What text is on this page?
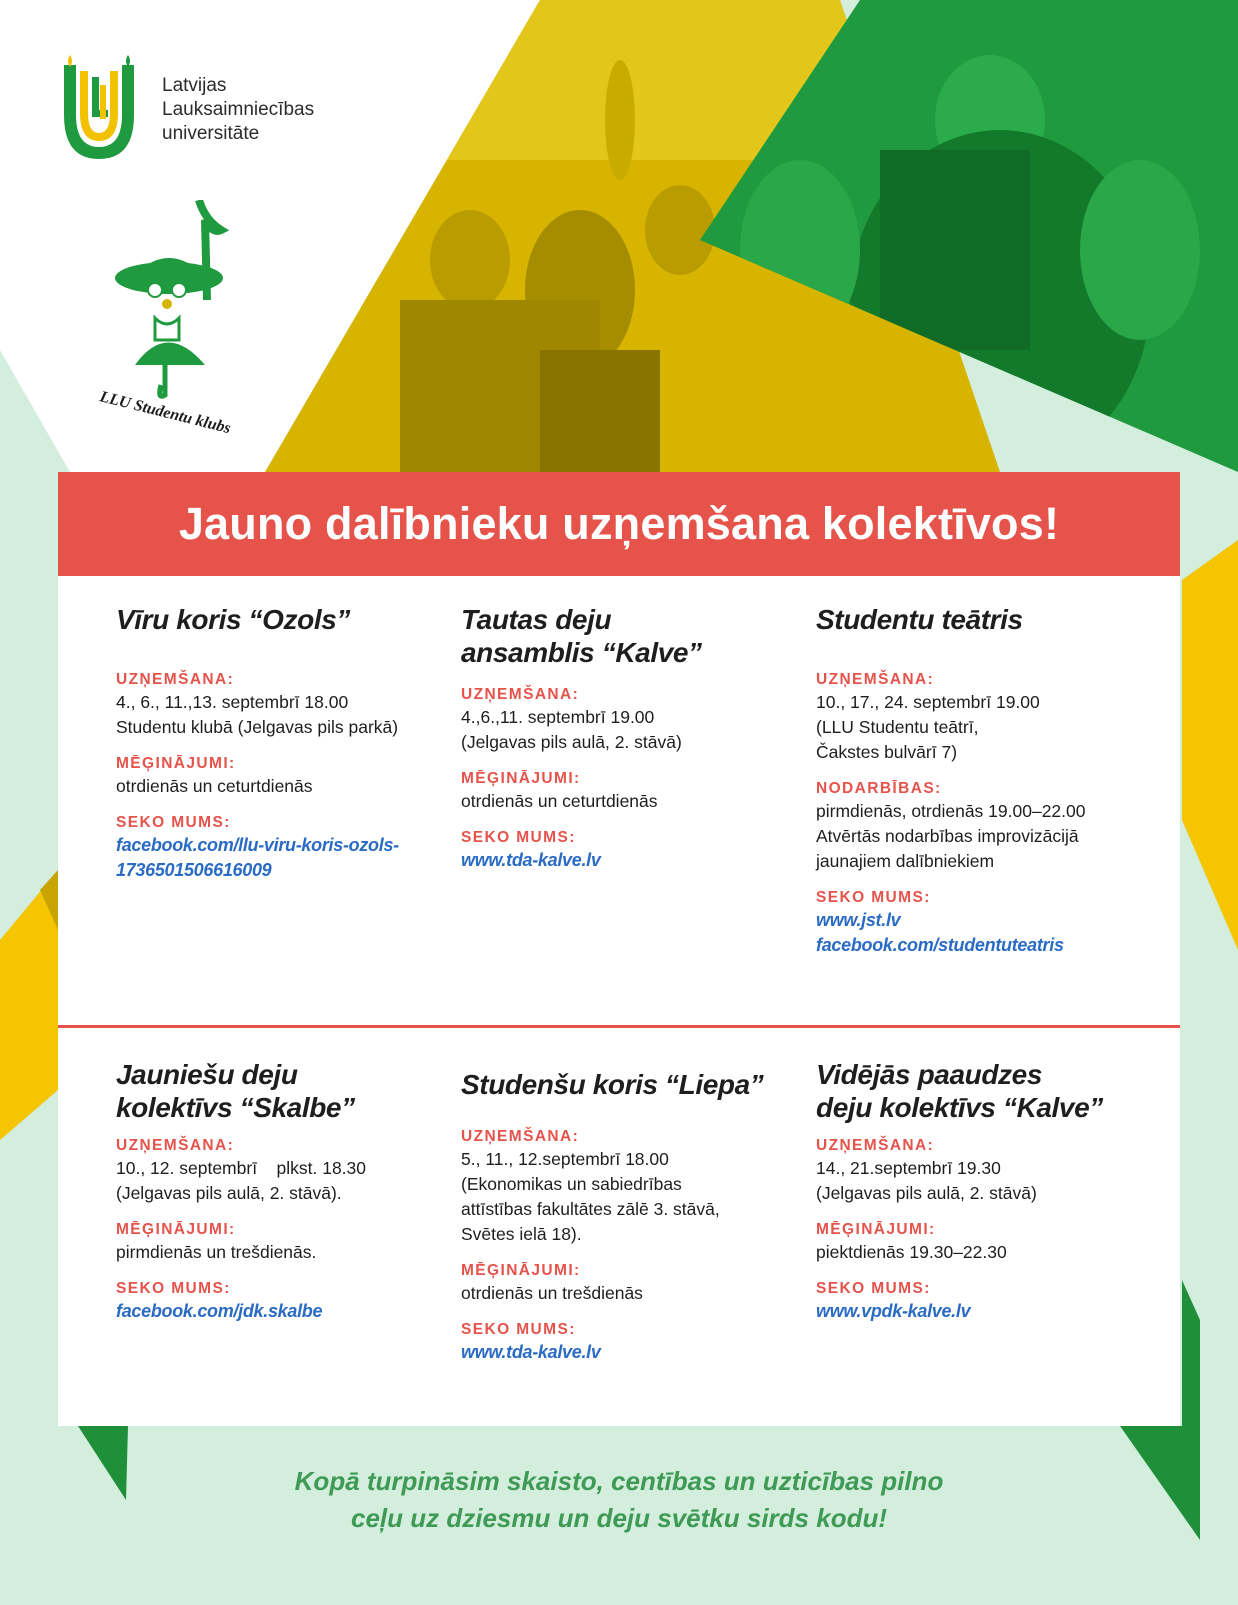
Latvijas
Lauksaimniecības
universitāte
LLU Studentu klubs
Jauno dalībnieku uzņemšana kolektīvos!
Vīru koris “Ozols”
UZŅEMŠANA:
4., 6., 11.,13. septembrī 18.00
Studentu klubā (Jelgavas pils parkā)
MĒĢINĀJUMI:
otrdienās un ceturtdienās
SEKO MUMS:
facebook.com/llu-viru-koris-ozols-
1736501506616009
Tautas deju
ansamblis “Kalve”
UZŅEMŠANA:
4.,6.,11. septembrī 19.00
(Jelgavas pils aulā, 2. stāvā)
MĒĢINĀJUMI:
otrdienās un ceturtdienās
SEKO MUMS:
www.tda-kalve.lv
Studentu teātris
UZŅEMŠANA:
10., 17., 24. septembrī 19.00
(LLU Studentu teātrī,
Čakstes bulvārī 7)
NODARBĪBAS:
pirmdienās, otrdienās 19.00–22.00
Atvērtās nodarbības improvizācijā
jaunajiem dalībniekiem
SEKO MUMS:
www.jst.lv
facebook.com/studentuteatris
Jauniešu deju
kolektīvs “Skalbe”
UZŅEMŠANA:
10., 12. septembrī    plkst. 18.30
(Jelgavas pils aulā, 2. stāvā).
MĒĢINĀJUMI:
pirmdienās un trešdienās.
SEKO MUMS:
facebook.com/jdk.skalbe
Studenšu koris “Liepa”
UZŅEMŠANA:
5., 11., 12.septembrī 18.00
(Ekonomikas un sabiedrības
attīstības fakultātes zālē 3. stāvā,
Svētes ielā 18).
MĒĢINĀJUMI:
otrdienās un trešdienās
SEKO MUMS:
www.tda-kalve.lv
Vidējās paaudzes
deju kolektīvs “Kalve”
UZŅEMŠANA:
14., 21.septembrī 19.30
(Jelgavas pils aulā, 2. stāvā)
MĒĢINĀJUMI:
piektdienās 19.30–22.30
SEKO MUMS:
www.vpdk-kalve.lv
Kopā turpināsim skaisto, centības un uzticības pilno
ceļu uz dziesmu un deju svētku sirds kodu!
